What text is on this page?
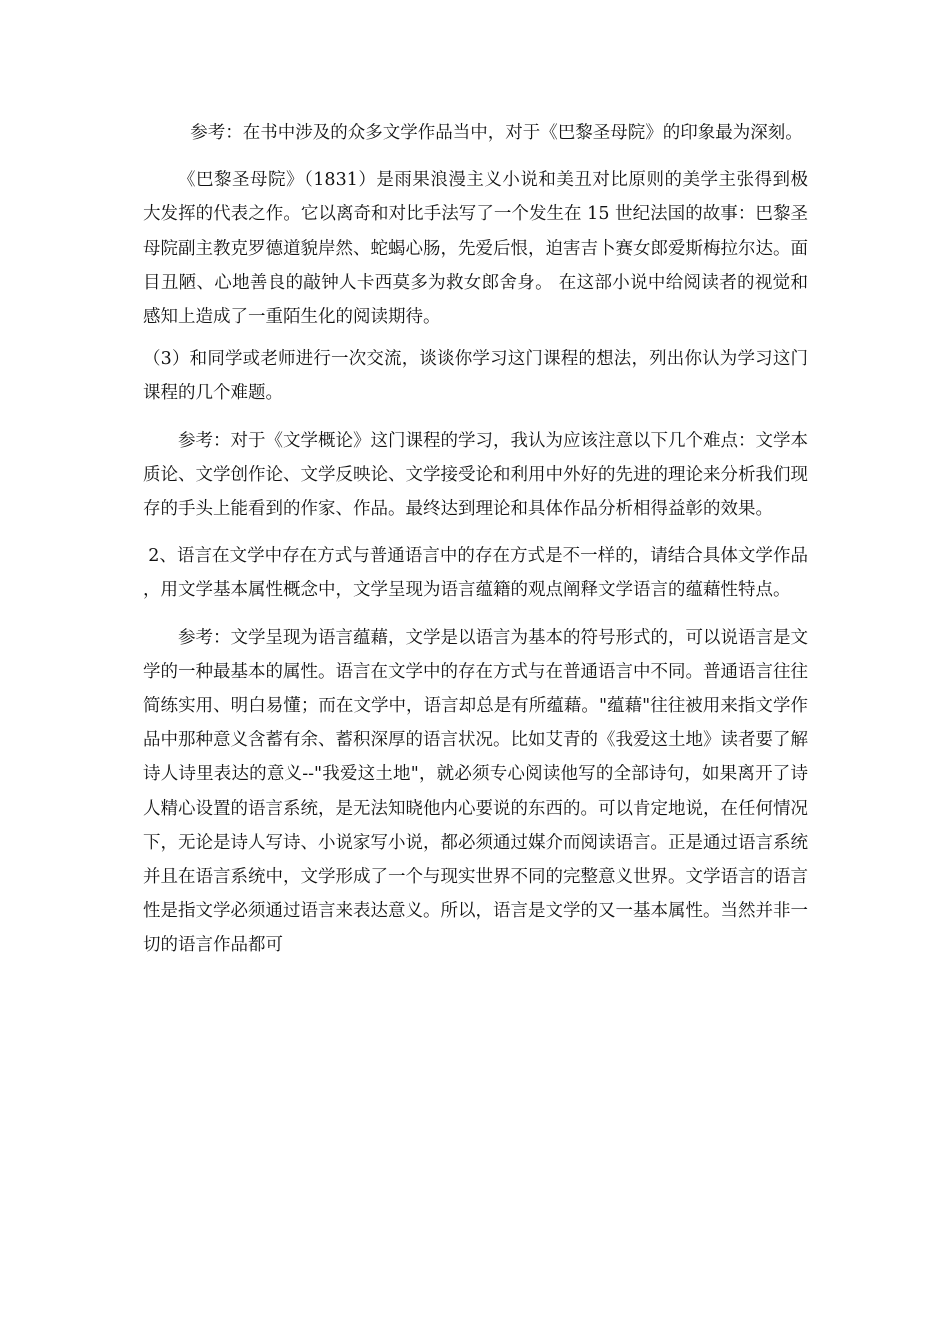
参考：在书中涉及的众多文学作品当中，对于《巴黎圣母院》的印象最为深刻。

《巴黎圣母院》（1831）是雨果浪漫主义小说和美丑对比原则的美学主张得到极大发挥的代表之作。它以离奇和对比手法写了一个发生在 15 世纪法国的故事：巴黎圣母院副主教克罗德道貌岸然、蛇蝎心肠，先爱后恨，迫害吉卜赛女郎爱斯梅拉尔达。面目丑陋、心地善良的敲钟人卡西莫多为救女郎舍身。 在这部小说中给阅读者的视觉和感知上造成了一重陌生化的阅读期待。

（3）和同学或老师进行一次交流，谈谈你学习这门课程的想法，列出你认为学习这门课程的几个难题。

参考：对于《文学概论》这门课程的学习，我认为应该注意以下几个难点：文学本质论、文学创作论、文学反映论、文学接受论和利用中外好的先进的理论来分析我们现存的手头上能看到的作家、作品。最终达到理论和具体作品分析相得益彰的效果。

2、语言在文学中存在方式与普通语言中的存在方式是不一样的，请结合具体文学作品，用文学基本属性概念中，文学呈现为语言蕴籍的观点阐释文学语言的蕴藉性特点。

参考：文学呈现为语言蕴藉，文学是以语言为基本的符号形式的，可以说语言是文学的一种最基本的属性。语言在文学中的存在方式与在普通语言中不同。普通语言往往简练实用、明白易懂；而在文学中，语言却总是有所蕴藉。"蕴藉"往往被用来指文学作品中那种意义含蓄有余、蓄积深厚的语言状况。比如艾青的《我爱这土地》读者要了解诗人诗里表达的意义--"我爱这土地"，就必须专心阅读他写的全部诗句，如果离开了诗人精心设置的语言系统，是无法知晓他内心要说的东西的。可以肯定地说，在任何情况下，无论是诗人写诗、小说家写小说，都必须通过媒介而阅读语言。正是通过语言系统并且在语言系统中，文学形成了一个与现实世界不同的完整意义世界。文学语言的语言性是指文学必须通过语言来表达意义。所以，语言是文学的又一基本属性。当然并非一切的语言作品都可
